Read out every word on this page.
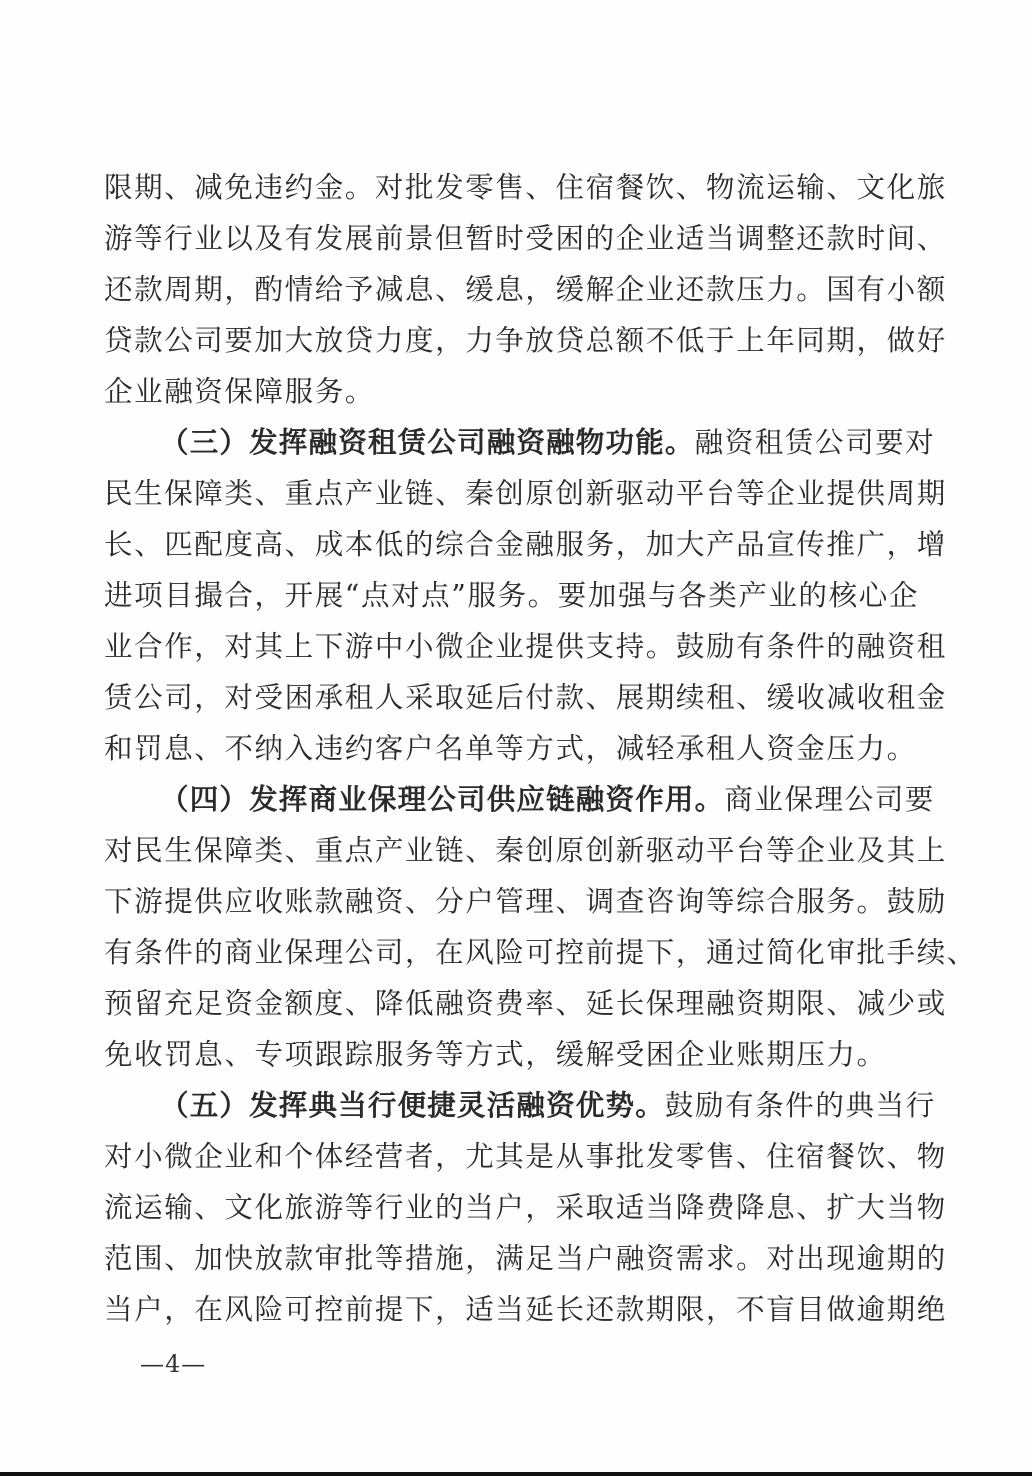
限期、减免违约金。对批发零售、住宿餐饮、物流运输、文化旅
游等行业以及有发展前景但暂时受困的企业适当调整还款时间、
还款周期，酌情给予减息、缓息，缓解企业还款压力。国有小额
贷款公司要加大放贷力度，力争放贷总额不低于上年同期，做好
企业融资保障服务。
（三）发挥融资租赁公司融资融物功能。融资租赁公司要对
民生保障类、重点产业链、秦创原创新驱动平台等企业提供周期
长、匹配度高、成本低的综合金融服务，加大产品宣传推广，增
进项目撮合，开展“点对点”服务。要加强与各类产业的核心企
业合作，对其上下游中小微企业提供支持。鼓励有条件的融资租
赁公司，对受困承租人采取延后付款、展期续租、缓收减收租金
和罚息、不纳入违约客户名单等方式，减轻承租人资金压力。
（四）发挥商业保理公司供应链融资作用。商业保理公司要
对民生保障类、重点产业链、秦创原创新驱动平台等企业及其上
下游提供应收账款融资、分户管理、调查咨询等综合服务。鼓励
有条件的商业保理公司，在风险可控前提下，通过简化审批手续、
预留充足资金额度、降低融资费率、延长保理融资期限、减少或
免收罚息、专项跟踪服务等方式，缓解受困企业账期压力。
（五）发挥典当行便捷灵活融资优势。鼓励有条件的典当行
对小微企业和个体经营者，尤其是从事批发零售、住宿餐饮、物
流运输、文化旅游等行业的当户，采取适当降费降息、扩大当物
范围、加快放款审批等措施，满足当户融资需求。对出现逾期的
当户，在风险可控前提下，适当延长还款期限，不盲目做逾期绝
—4—
